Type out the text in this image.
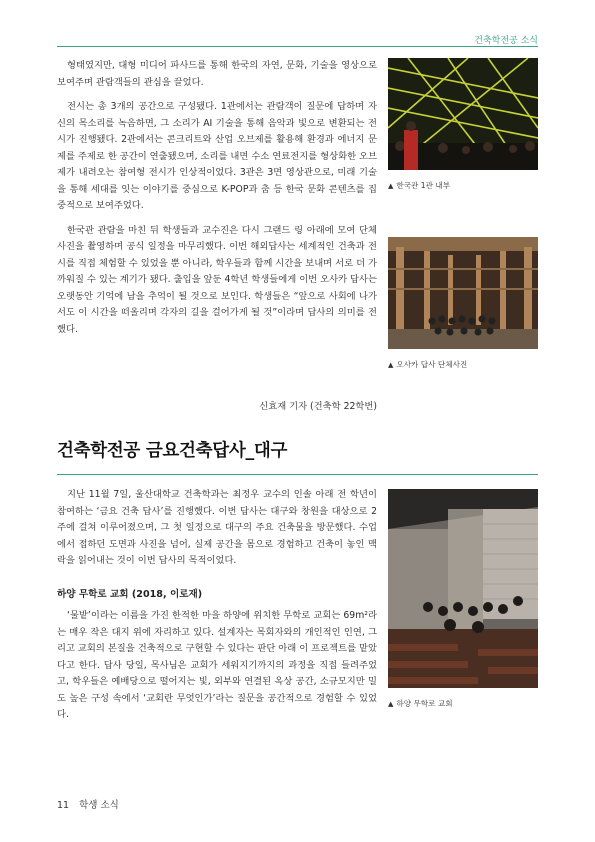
건축학전공 소식

형태였지만, 대형 미디어 파사드를 통해 한국의 자연, 문화, 기술을 영상으로 보여주며 관람객들의 관심을 끌었다.

전시는 총 3개의 공간으로 구성됐다. 1관에서는 관람객이 질문에 답하며 자신의 목소리를 녹음하면, 그 소리가 AI 기술을 통해 음악과 빛으로 변환되는 전시가 진행됐다. 2관에서는 콘크리트와 산업 오브제를 활용해 환경과 에너지 문제를 주제로 한 공간이 연출됐으며, 소리를 내면 수소 연료전지를 형상화한 오브제가 내려오는 참여형 전시가 인상적이었다. 3관은 3면 영상관으로, 미래 기술을 통해 세대를 잇는 이야기를 중심으로 K-POP과 춤 등 한국 문화 콘텐츠를 집중적으로 보여주었다.

한국관 관람을 마친 뒤 학생들과 교수진은 다시 그랜드 링 아래에 모여 단체사진을 촬영하며 공식 일정을 마무리했다. 이번 해외답사는 세계적인 건축과 전시를 직접 체험할 수 있었을 뿐 아니라, 학우들과 함께 시간을 보내며 서로 더 가까워질 수 있는 계기가 됐다. 출입을 앞둔 4학년 학생들에게 이번 오사카 답사는 오랫동안 기억에 남을 추억이 될 것으로 보인다. 학생들은 “앞으로 사회에 나가서도 이 시간을 떠올리며 각자의 길을 걸어가게 될 것”이라며 답사의 의미를 전했다.

▲ 한국관 1관 내부
▲ 오사카 답사 단체사진
신효재 기자 (건축학 22학번)
건축학전공 금요건축답사_대구

지난 11월 7일, 울산대학교 건축학과는 최정우 교수의 인솔 아래 전 학년이 참여하는 ‘금요 건축 답사’를 진행했다. 이번 답사는 대구와 창원을 대상으로 2주에 걸쳐 이루어졌으며, 그 첫 일정으로 대구의 주요 건축물을 방문했다. 수업에서 접하던 도면과 사진을 넘어, 실제 공간을 몸으로 경험하고 건축이 놓인 맥락을 읽어내는 것이 이번 답사의 목적이었다.

하양 무학로 교회 (2018, 이로재)

‘물밭’이라는 이름을 가진 한적한 마을 하양에 위치한 무학로 교회는 69m²라는 매우 작은 대지 위에 자리하고 있다. 설계자는 목회자와의 개인적인 인연, 그리고 교회의 본질을 건축적으로 구현할 수 있다는 판단 아래 이 프로젝트를 맡았다고 한다. 답사 당일, 목사님은 교회가 세워지기까지의 과정을 직접 들려주었고, 학우들은 예배당으로 떨어지는 빛, 외부와 연결된 옥상 공간, 소규모지만 밀도 높은 구성 속에서 ‘교회란 무엇인가’라는 질문을 공간적으로 경험할 수 있었다.

▲ 하양 무학로 교회
11 학생 소식
